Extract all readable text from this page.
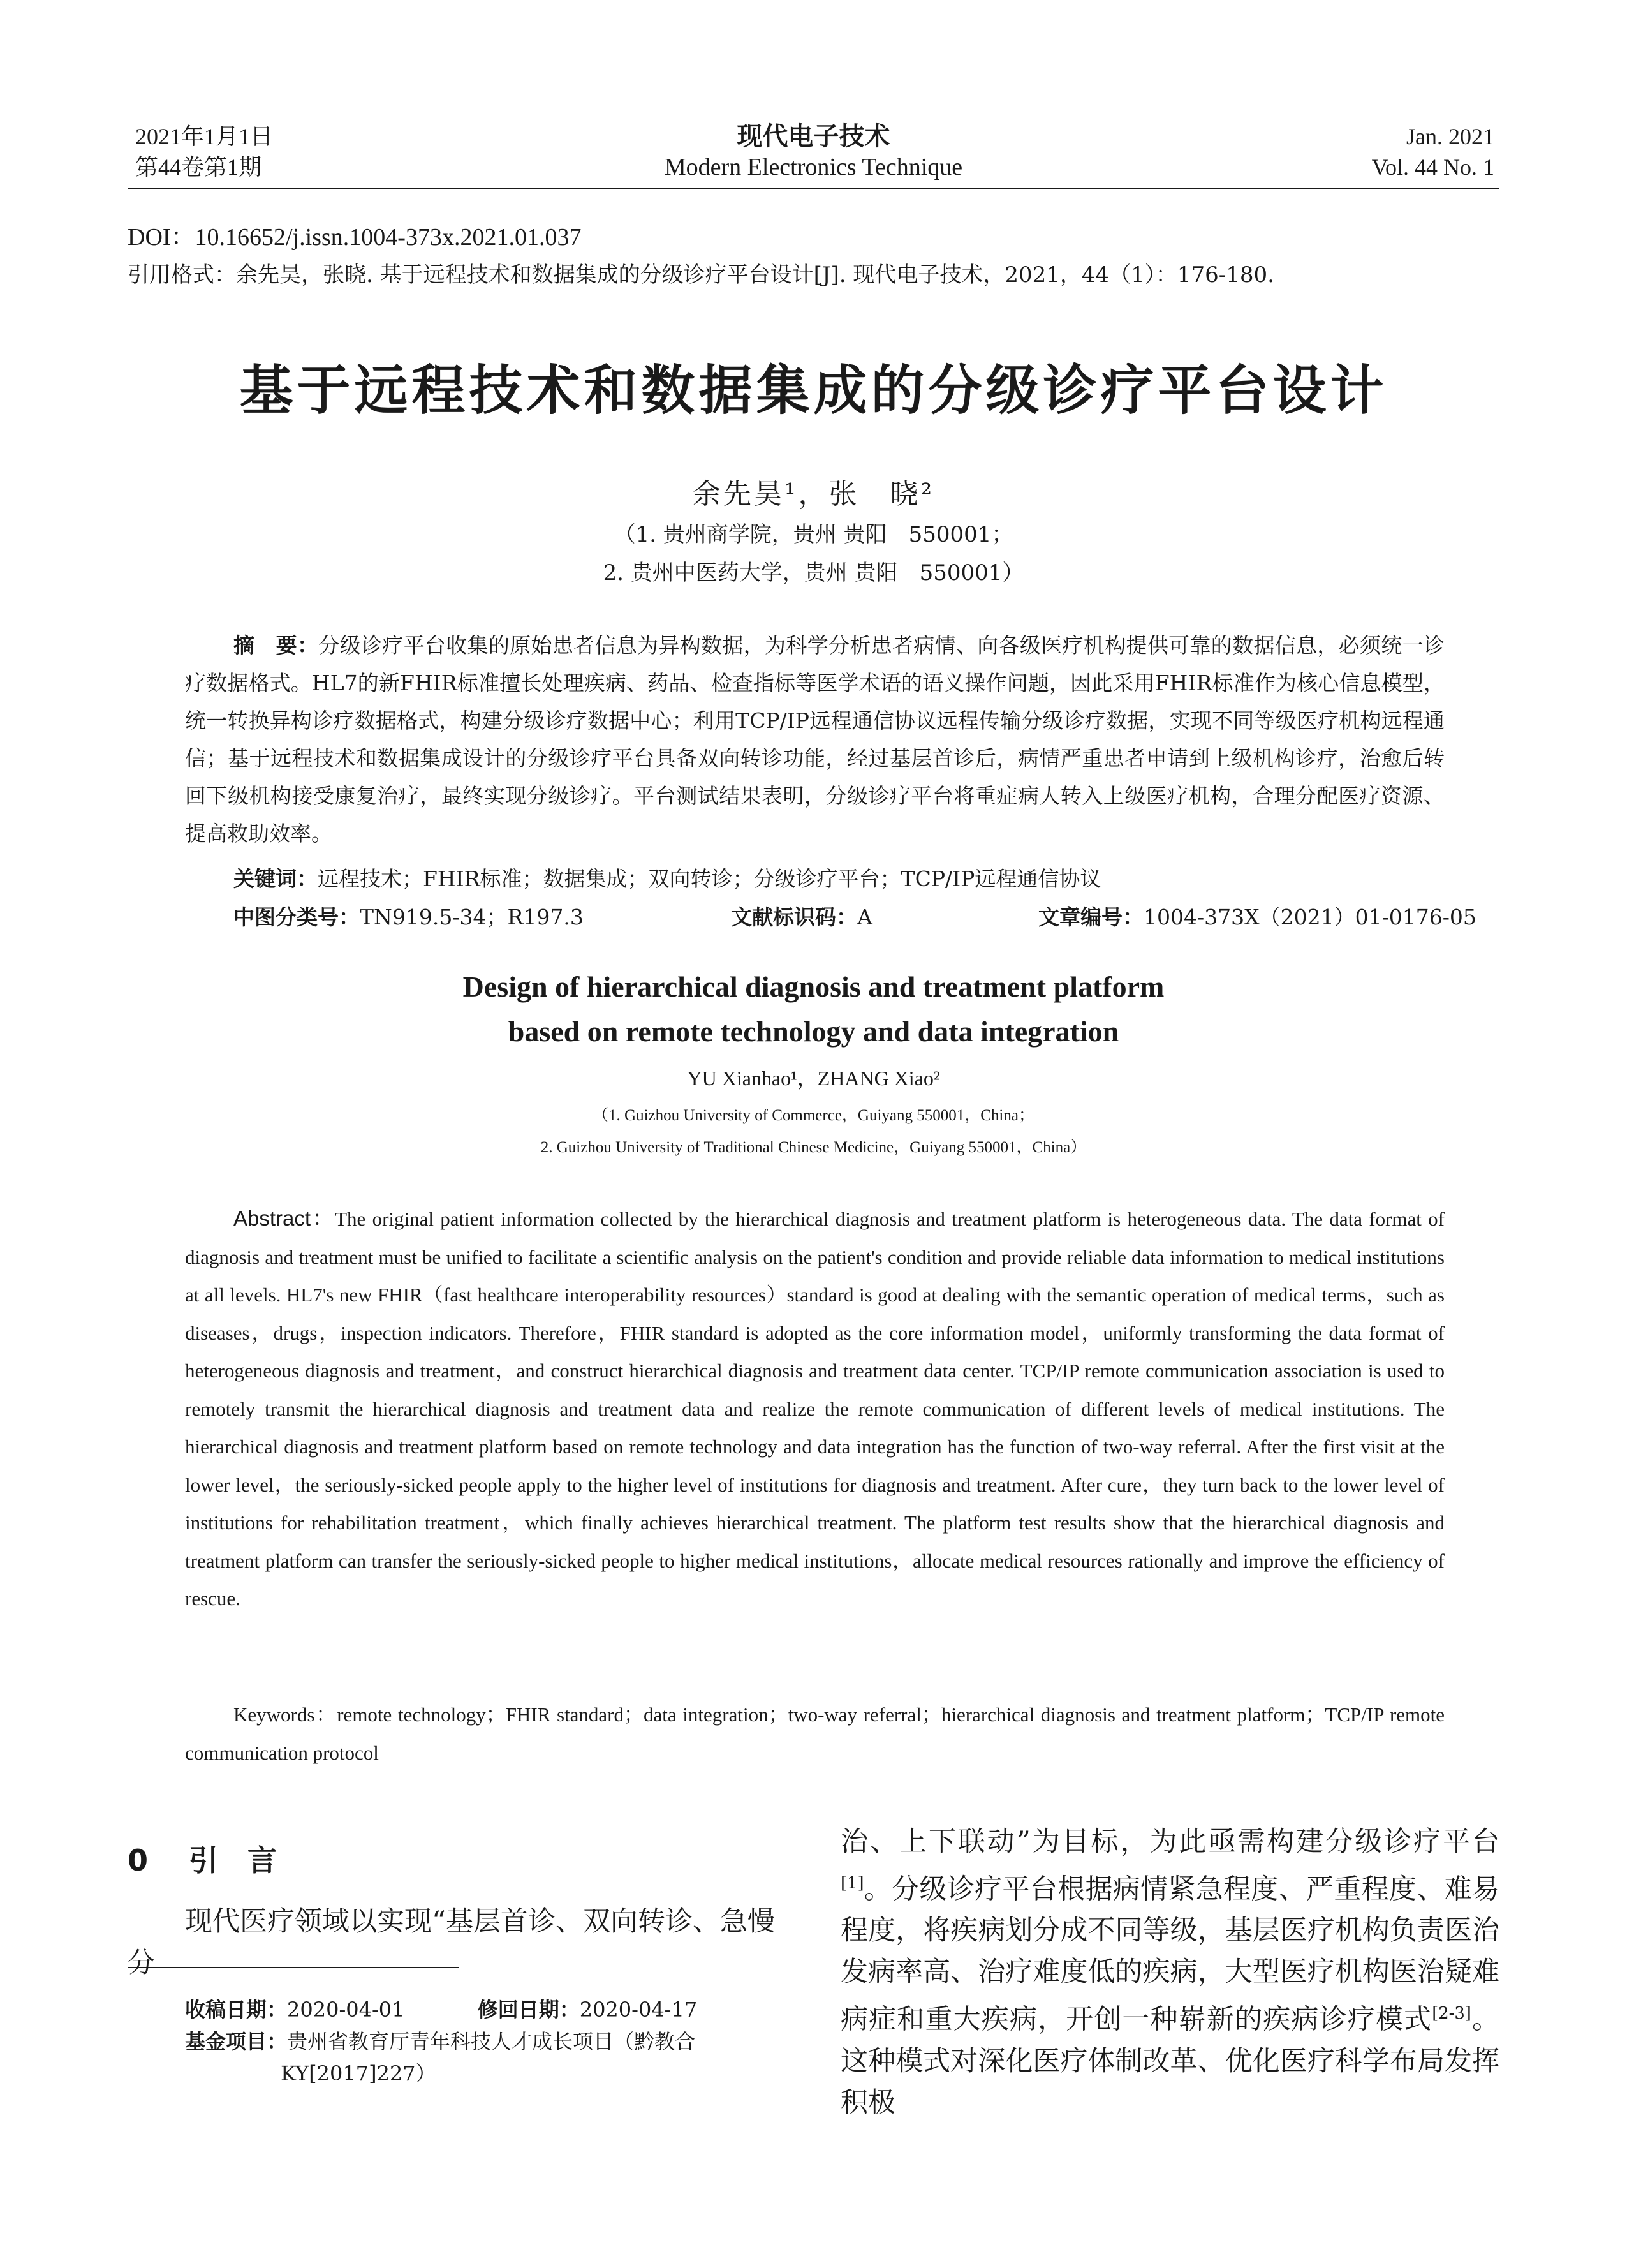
2021年1月1日
第44卷第1期
现代电子技术
Modern Electronics Technique
Jan. 2021
Vol. 44 No. 1
DOI：10.16652/j.issn.1004-373x.2021.01.037
引用格式：余先昊，张晓. 基于远程技术和数据集成的分级诊疗平台设计[J]. 现代电子技术，2021，44（1）：176-180.
基于远程技术和数据集成的分级诊疗平台设计
余先昊¹，张　晓²
（1. 贵州商学院，贵州 贵阳　550001；
2. 贵州中医药大学，贵州 贵阳　550001）
摘　要：分级诊疗平台收集的原始患者信息为异构数据，为科学分析患者病情、向各级医疗机构提供可靠的数据信息，必须统一诊疗数据格式。HL7的新FHIR标准擅长处理疾病、药品、检查指标等医学术语的语义操作问题，因此采用FHIR标准作为核心信息模型，统一转换异构诊疗数据格式，构建分级诊疗数据中心；利用TCP/IP远程通信协议远程传输分级诊疗数据，实现不同等级医疗机构远程通信；基于远程技术和数据集成设计的分级诊疗平台具备双向转诊功能，经过基层首诊后，病情严重患者申请到上级机构诊疗，治愈后转回下级机构接受康复治疗，最终实现分级诊疗。平台测试结果表明，分级诊疗平台将重症病人转入上级医疗机构，合理分配医疗资源、提高救助效率。
关键词：远程技术；FHIR标准；数据集成；双向转诊；分级诊疗平台；TCP/IP远程通信协议
中图分类号：TN919.5-34；R197.3	文献标识码：A	文章编号：1004-373X（2021）01-0176-05
Design of hierarchical diagnosis and treatment platform
based on remote technology and data integration
YU Xianhao¹，ZHANG Xiao²
（1. Guizhou University of Commerce，Guiyang 550001，China；
2. Guizhou University of Traditional Chinese Medicine，Guiyang 550001，China）
Abstract：The original patient information collected by the hierarchical diagnosis and treatment platform is heterogeneous data. The data format of diagnosis and treatment must be unified to facilitate a scientific analysis on the patient's condition and provide reliable data information to medical institutions at all levels. HL7's new FHIR（fast healthcare interoperability resources）standard is good at dealing with the semantic operation of medical terms，such as diseases，drugs，inspection indicators. Therefore，FHIR standard is adopted as the core information model，uniformly transforming the data format of heterogeneous diagnosis and treatment，and construct hierarchical diagnosis and treatment data center. TCP/IP remote communication association is used to remotely transmit the hierarchical diagnosis and treatment data and realize the remote communication of different levels of medical institutions. The hierarchical diagnosis and treatment platform based on remote technology and data integration has the function of two-way referral. After the first visit at the lower level，the seriously-sicked people apply to the higher level of institutions for diagnosis and treatment. After cure，they turn back to the lower level of institutions for rehabilitation treatment，which finally achieves hierarchical treatment. The platform test results show that the hierarchical diagnosis and treatment platform can transfer the seriously-sicked people to higher medical institutions，allocate medical resources rationally and improve the efficiency of rescue.
Keywords：remote technology；FHIR standard；data integration；two-way referral；hierarchical diagnosis and treatment platform；TCP/IP remote communication protocol
0 引　言
现代医疗领域以实现“基层首诊、双向转诊、急慢分
治、上下联动”为目标，为此亟需构建分级诊疗平台[1]。分级诊疗平台根据病情紧急程度、严重程度、难易程度，将疾病划分成不同等级，基层医疗机构负责医治发病率高、治疗难度低的疾病，大型医疗机构医治疑难病症和重大疾病，开创一种崭新的疾病诊疗模式[2-3]。这种模式对深化医疗体制改革、优化医疗科学布局发挥积极
收稿日期：2020-04-01	修回日期：2020-04-17
基金项目：贵州省教育厅青年科技人才成长项目（黔教合
KY[2017]227）
